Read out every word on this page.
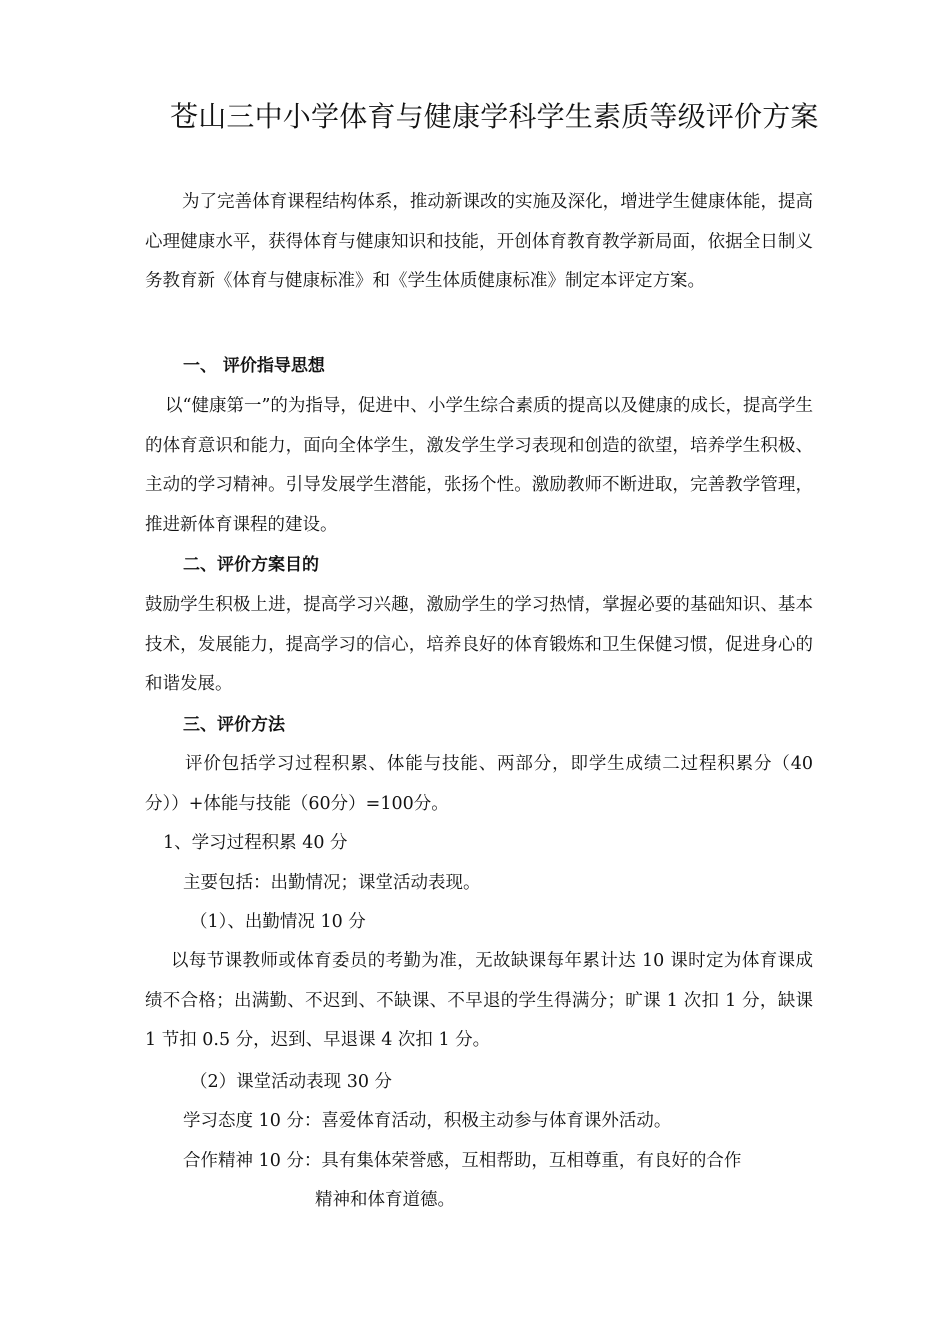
苍山三中小学体育与健康学科学生素质等级评价方案

为了完善体育课程结构体系，推动新课改的实施及深化，增进学生健康体能，提高心理健康水平，获得体育与健康知识和技能，开创体育教育教学新局面，依据全日制义务教育新《体育与健康标准》和《学生体质健康标准》制定本评定方案。

一、 评价指导思想

以“健康第一”的为指导，促进中、小学生综合素质的提高以及健康的成长，提高学生的体育意识和能力，面向全体学生，激发学生学习表现和创造的欲望，培养学生积极、主动的学习精神。引导发展学生潜能，张扬个性。激励教师不断进取，完善教学管理，推进新体育课程的建设。

二、评价方案目的

鼓励学生积极上进，提高学习兴趣，激励学生的学习热情，掌握必要的基础知识、基本技术，发展能力，提高学习的信心，培养良好的体育锻炼和卫生保健习惯，促进身心的和谐发展。

三、评价方法

评价包括学习过程积累、体能与技能、两部分，即学生成绩二过程积累分（40分））+体能与技能（60分）=100分。

1、学习过程积累 40 分

主要包括：出勤情况；课堂活动表现。

（1）、出勤情况 10 分

以每节课教师或体育委员的考勤为准，无故缺课每年累计达 10 课时定为体育课成绩不合格；出满勤、不迟到、不缺课、不早退的学生得满分；旷课 1 次扣 1 分，缺课 1 节扣 0.5 分，迟到、早退课 4 次扣 1 分。

（2）课堂活动表现 30 分

学习态度 10 分：喜爱体育活动，积极主动参与体育课外活动。

合作精神 10 分：具有集体荣誉感，互相帮助，互相尊重，有良好的合作

精神和体育道德。
